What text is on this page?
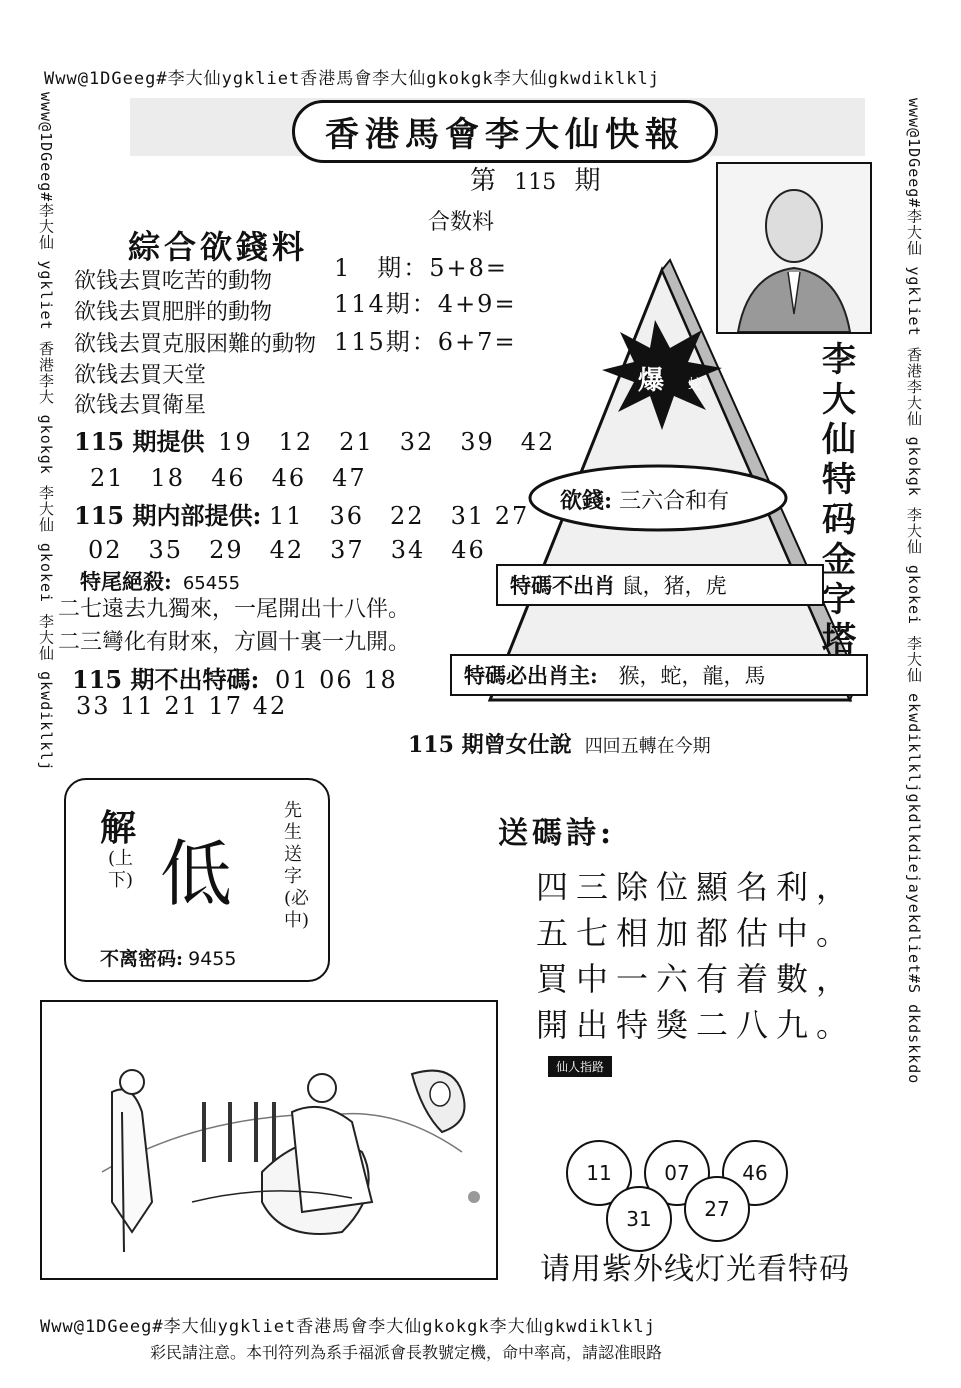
Www@1DGeeg#李大仙ygkliet香港馬會李大仙gkokgk李大仙gkwdiklklj
Www@1DGeeg#李大仙ygkliet香港馬會李大仙gkokgk李大仙gkwdiklklj
www@1DGeeg#李大仙 ygkliet 香港李大 gkokgk 李大仙 gkokei 李大仙 gkwdiklklj	www@1DGeeg#李大仙 ygkliet 香港李大仙 gkokgk 李大仙 gkokei 李大仙 ekwdiklkljgkdlkdiejayekdliet#S dkdskkdo
彩民請注意。本刊符列為系手福派會長教號定機，命中率高，請認准眼路
香港馬會李大仙快報
第 115 期
合数料
1　期：5+8=
114期：4+9=
115期：6+7=
綜合欲錢料
欲钱去買吃苦的動物
欲钱去買肥胖的動物
欲钱去買克服困難的動物
欲钱去買天堂
欲钱去買衛星
115 期提供 19　12　21　32　39　42
21　18　46　46　47
115 期内部提供: 11　36　22　31 27
02　35　29　42　37　34　46
特尾絕殺: 65455
二七遠去九獨來，一尾開出十八伴。
二三彎化有財來，方圓十裏一九開。
115 期不出特碼: 01 06 18
33 11 21 17 42
爆 蛇
欲錢: 三六合和有
特碼不出肖 鼠，猪，虎
特碼必出肖主: 猴，蛇，龍，馬
李大仙特码金字塔
115 期曾女仕說 四回五轉在今期
解
(上下) 低
先生送字(必中)
不离密码: 9455
送碼詩:
四三除位顯名利，
五七相加都估中。
買中一六有着數，
開出特獎二八九。
仙人指路
11	07	46
31	27
请用紫外线灯光看特码
